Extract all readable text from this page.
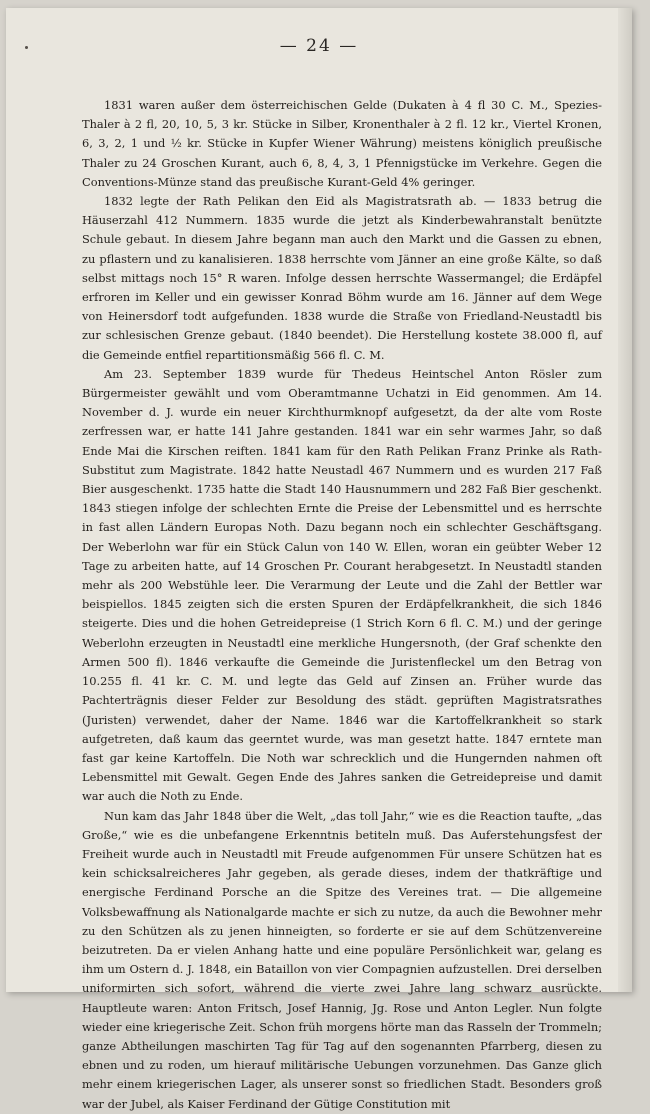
— 24 —

1831 waren außer dem österreichischen Gelde (Dukaten à 4 fl 30 C. M., Spezies-Thaler à 2 fl, 20, 10, 5, 3 kr. Stücke in Silber, Kronenthaler à 2 fl. 12 kr., Viertel Kronen, 6, 3, 2, 1 und ½ kr. Stücke in Kupfer Wiener Währung) meistens königlich preußische Thaler zu 24 Groschen Kurant, auch 6, 8, 4, 3, 1 Pfennigstücke im Verkehre. Gegen die Conventions-Münze stand das preußische Kurant-Geld 4% geringer.

1832 legte der Rath Pelikan den Eid als Magistratsrath ab. — 1833 betrug die Häuserzahl 412 Nummern. 1835 wurde die jetzt als Kinderbewahranstalt benützte Schule gebaut. In diesem Jahre begann man auch den Markt und die Gassen zu ebnen, zu pflastern und zu kanalisieren. 1838 herrschte vom Jänner an eine große Kälte, so daß selbst mittags noch 15° R waren. Infolge dessen herrschte Wassermangel; die Erdäpfel erfroren im Keller und ein gewisser Konrad Böhm wurde am 16. Jänner auf dem Wege von Heinersdorf todt aufgefunden. 1838 wurde die Straße von Friedland-Neustadtl bis zur schlesischen Grenze gebaut. (1840 beendet). Die Herstellung kostete 38.000 fl, auf die Gemeinde entfiel repartitionsmäßig 566 fl. C. M.

Am 23. September 1839 wurde für Thedeus Heintschel Anton Rösler zum Bürgermeister gewählt und vom Oberamtmanne Uchatzi in Eid genommen. Am 14. November d. J. wurde ein neuer Kirchthurmknopf aufgesetzt, da der alte vom Roste zerfressen war, er hatte 141 Jahre gestanden. 1841 war ein sehr warmes Jahr, so daß Ende Mai die Kirschen reiften. 1841 kam für den Rath Pelikan Franz Prinke als Rath-Substitut zum Magistrate. 1842 hatte Neustadl 467 Nummern und es wurden 217 Faß Bier ausgeschenkt. 1735 hatte die Stadt 140 Hausnummern und 282 Faß Bier geschenkt. 1843 stiegen infolge der schlechten Ernte die Preise der Lebensmittel und es herrschte in fast allen Ländern Europas Noth. Dazu begann noch ein schlechter Geschäftsgang. Der Weberlohn war für ein Stück Calun von 140 W. Ellen, woran ein geübter Weber 12 Tage zu arbeiten hatte, auf 14 Groschen Pr. Courant herabgesetzt. In Neustadtl standen mehr als 200 Webstühle leer. Die Verarmung der Leute und die Zahl der Bettler war beispiellos. 1845 zeigten sich die ersten Spuren der Erdäpfelkrankheit, die sich 1846 steigerte. Dies und die hohen Getreidepreise (1 Strich Korn 6 fl. C. M.) und der geringe Weberlohn erzeugten in Neustadtl eine merkliche Hungersnoth, (der Graf schenkte den Armen 500 fl). 1846 verkaufte die Gemeinde die Juristenfleckel um den Betrag von 10.255 fl. 41 kr. C. M. und legte das Geld auf Zinsen an. Früher wurde das Pachterträgnis dieser Felder zur Besoldung des städt. geprüften Magistratsrathes (Juristen) verwendet, daher der Name. 1846 war die Kartoffelkrankheit so stark aufgetreten, daß kaum das geerntet wurde, was man gesetzt hatte. 1847 erntete man fast gar keine Kartoffeln. Die Noth war schrecklich und die Hungernden nahmen oft Lebensmittel mit Gewalt. Gegen Ende des Jahres sanken die Getreidepreise und damit war auch die Noth zu Ende.

Nun kam das Jahr 1848 über die Welt, „das toll Jahr,“ wie es die Reaction taufte, „das Große,“ wie es die unbefangene Erkenntnis betiteln muß. Das Auferstehungsfest der Freiheit wurde auch in Neustadtl mit Freude aufgenommen Für unsere Schützen hat es kein schicksalreicheres Jahr gegeben, als gerade dieses, indem der thatkräftige und energische Ferdinand Porsche an die Spitze des Vereines trat. — Die allgemeine Volksbewaffnung als Nationalgarde machte er sich zu nutze, da auch die Bewohner mehr zu den Schützen als zu jenen hinneigten, so forderte er sie auf dem Schützenvereine beizutreten. Da er vielen Anhang hatte und eine populäre Persönlichkeit war, gelang es ihm um Ostern d. J. 1848, ein Bataillon von vier Compagnien aufzustellen. Drei derselben uniformirten sich sofort, während die vierte zwei Jahre lang schwarz ausrückte. Hauptleute waren: Anton Fritsch, Josef Hannig, Jg. Rose und Anton Legler. Nun folgte wieder eine kriegerische Zeit. Schon früh morgens hörte man das Rasseln der Trommeln; ganze Abtheilungen maschirten Tag für Tag auf den sogenannten Pfarrberg, diesen zu ebnen und zu roden, um hierauf militärische Uebungen vorzunehmen. Das Ganze glich mehr einem kriegerischen Lager, als unserer sonst so friedlichen Stadt. Besonders groß war der Jubel, als Kaiser Ferdinand der Gütige Constitution mit
